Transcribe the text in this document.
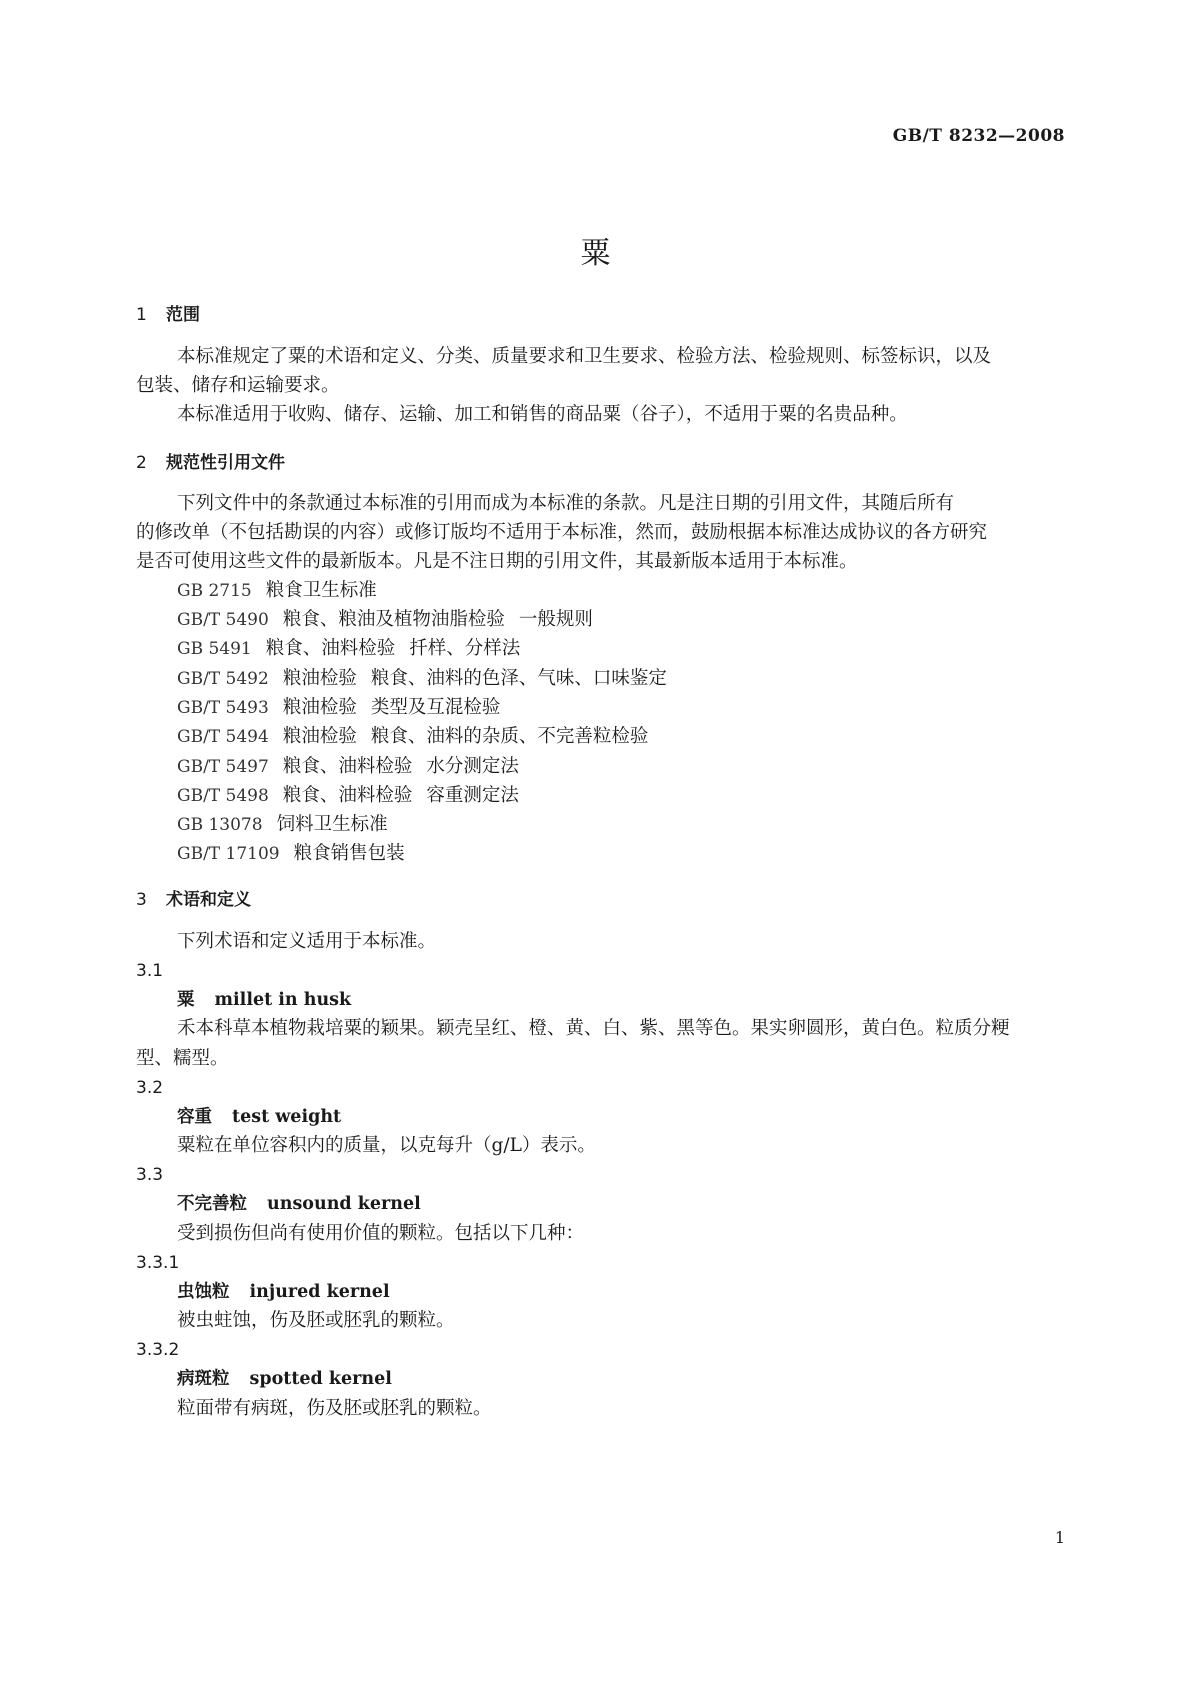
GB/T 8232—2008
粟
1 范围
本标准规定了粟的术语和定义、分类、质量要求和卫生要求、检验方法、检验规则、标签标识，以及
包装、储存和运输要求。
本标准适用于收购、储存、运输、加工和销售的商品粟（谷子），不适用于粟的名贵品种。
2 规范性引用文件
下列文件中的条款通过本标准的引用而成为本标准的条款。凡是注日期的引用文件，其随后所有
的修改单（不包括勘误的内容）或修订版均不适用于本标准，然而，鼓励根据本标准达成协议的各方研究
是否可使用这些文件的最新版本。凡是不注日期的引用文件，其最新版本适用于本标准。
GB 2715 粮食卫生标准
GB/T 5490 粮食、粮油及植物油脂检验 一般规则
GB 5491 粮食、油料检验 扦样、分样法
GB/T 5492 粮油检验 粮食、油料的色泽、气味、口味鉴定
GB/T 5493 粮油检验 类型及互混检验
GB/T 5494 粮油检验 粮食、油料的杂质、不完善粒检验
GB/T 5497 粮食、油料检验 水分测定法
GB/T 5498 粮食、油料检验 容重测定法
GB 13078 饲料卫生标准
GB/T 17109 粮食销售包装
3 术语和定义
下列术语和定义适用于本标准。
3.1
粟 millet in husk
禾本科草本植物栽培粟的颖果。颖壳呈红、橙、黄、白、紫、黑等色。果实卵圆形，黄白色。粒质分粳
型、糯型。
3.2
容重 test weight
粟粒在单位容积内的质量，以克每升（g/L）表示。
3.3
不完善粒 unsound kernel
受到损伤但尚有使用价值的颗粒。包括以下几种：
3.3.1
虫蚀粒 injured kernel
被虫蛀蚀，伤及胚或胚乳的颗粒。
3.3.2
病斑粒 spotted kernel
粒面带有病斑，伤及胚或胚乳的颗粒。
1
